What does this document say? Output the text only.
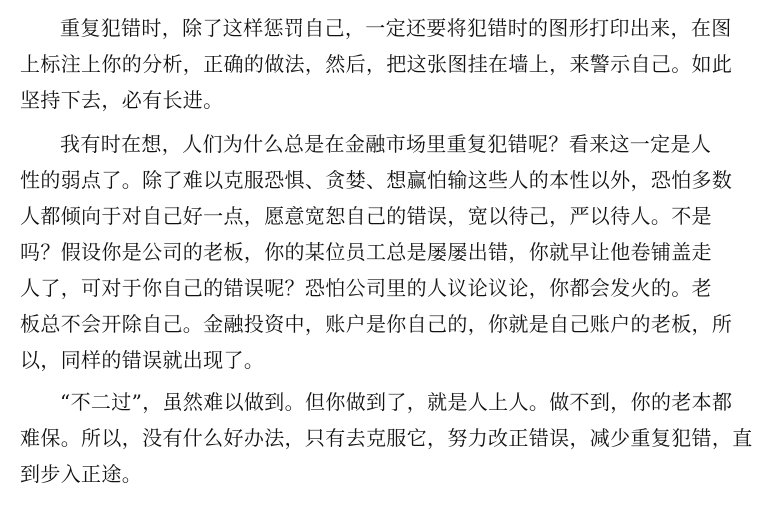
重复犯错时，除了这样惩罚自己，一定还要将犯错时的图形打印出来，在图
上标注上你的分析，正确的做法，然后，把这张图挂在墙上，来警示自己。如此
坚持下去，必有长进。
我有时在想，人们为什么总是在金融市场里重复犯错呢？看来这一定是人
性的弱点了。除了难以克服恐惧、贪婪、想赢怕输这些人的本性以外，恐怕多数
人都倾向于对自己好一点，愿意宽恕自己的错误，宽以待己，严以待人。不是
吗？假设你是公司的老板，你的某位员工总是屡屡出错，你就早让他卷铺盖走
人了，可对于你自己的错误呢？恐怕公司里的人议论议论，你都会发火的。老
板总不会开除自己。金融投资中，账户是你自己的，你就是自己账户的老板，所
以，同样的错误就出现了。
“不二过”，虽然难以做到。但你做到了，就是人上人。做不到，你的老本都
难保。所以，没有什么好办法，只有去克服它，努力改正错误，减少重复犯错，直
到步入正途。
